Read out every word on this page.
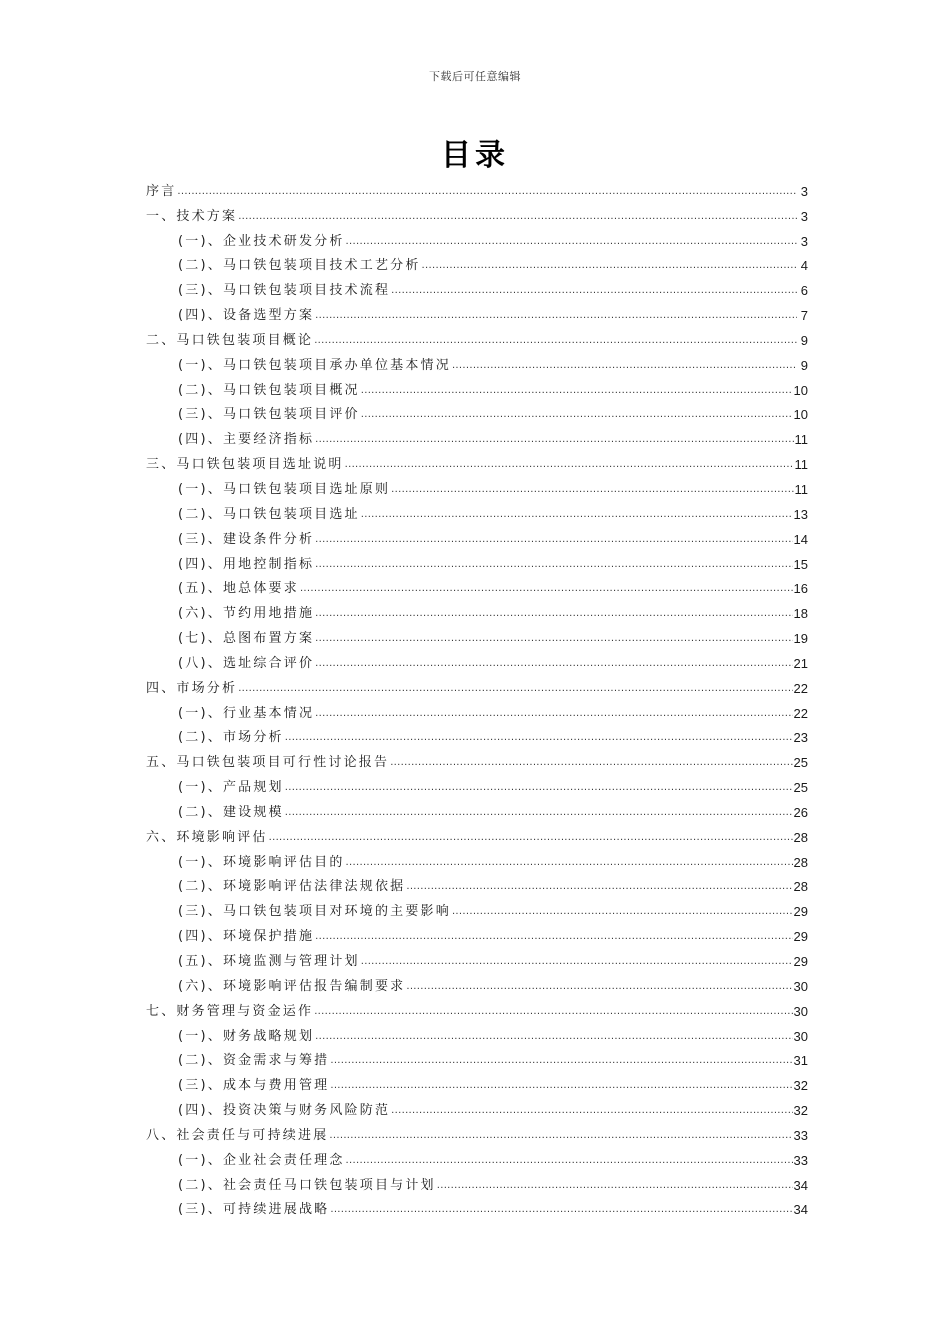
下载后可任意编辑
目录
序言 .....	3
一、技术方案 .....	3
(一)、企业技术研发分析 .....	3
(二)、马口铁包装项目技术工艺分析 .....	4
(三)、马口铁包装项目技术流程 .....	6
(四)、设备选型方案 .....	7
二、马口铁包装项目概论 .....	9
(一)、马口铁包装项目承办单位基本情况 .....	9
(二)、马口铁包装项目概况 .....	10
(三)、马口铁包装项目评价 .....	10
(四)、主要经济指标 .....	11
三、马口铁包装项目选址说明 .....	11
(一)、马口铁包装项目选址原则 .....	11
(二)、马口铁包装项目选址 .....	13
(三)、建设条件分析 .....	14
(四)、用地控制指标 .....	15
(五)、地总体要求 .....	16
(六)、节约用地措施 .....	18
(七)、总图布置方案 .....	19
(八)、选址综合评价 .....	21
四、市场分析 .....	22
(一)、行业基本情况 .....	22
(二)、市场分析 .....	23
五、马口铁包装项目可行性讨论报告 .....	25
(一)、产品规划 .....	25
(二)、建设规模 .....	26
六、环境影响评估 .....	28
(一)、环境影响评估目的 .....	28
(二)、环境影响评估法律法规依据 .....	28
(三)、马口铁包装项目对环境的主要影响 .....	29
(四)、环境保护措施 .....	29
(五)、环境监测与管理计划 .....	29
(六)、环境影响评估报告编制要求 .....	30
七、财务管理与资金运作 .....	30
(一)、财务战略规划 .....	30
(二)、资金需求与筹措 .....	31
(三)、成本与费用管理 .....	32
(四)、投资决策与财务风险防范 .....	32
八、社会责任与可持续进展 .....	33
(一)、企业社会责任理念 .....	33
(二)、社会责任马口铁包装项目与计划 .....	34
(三)、可持续进展战略 .....	34
